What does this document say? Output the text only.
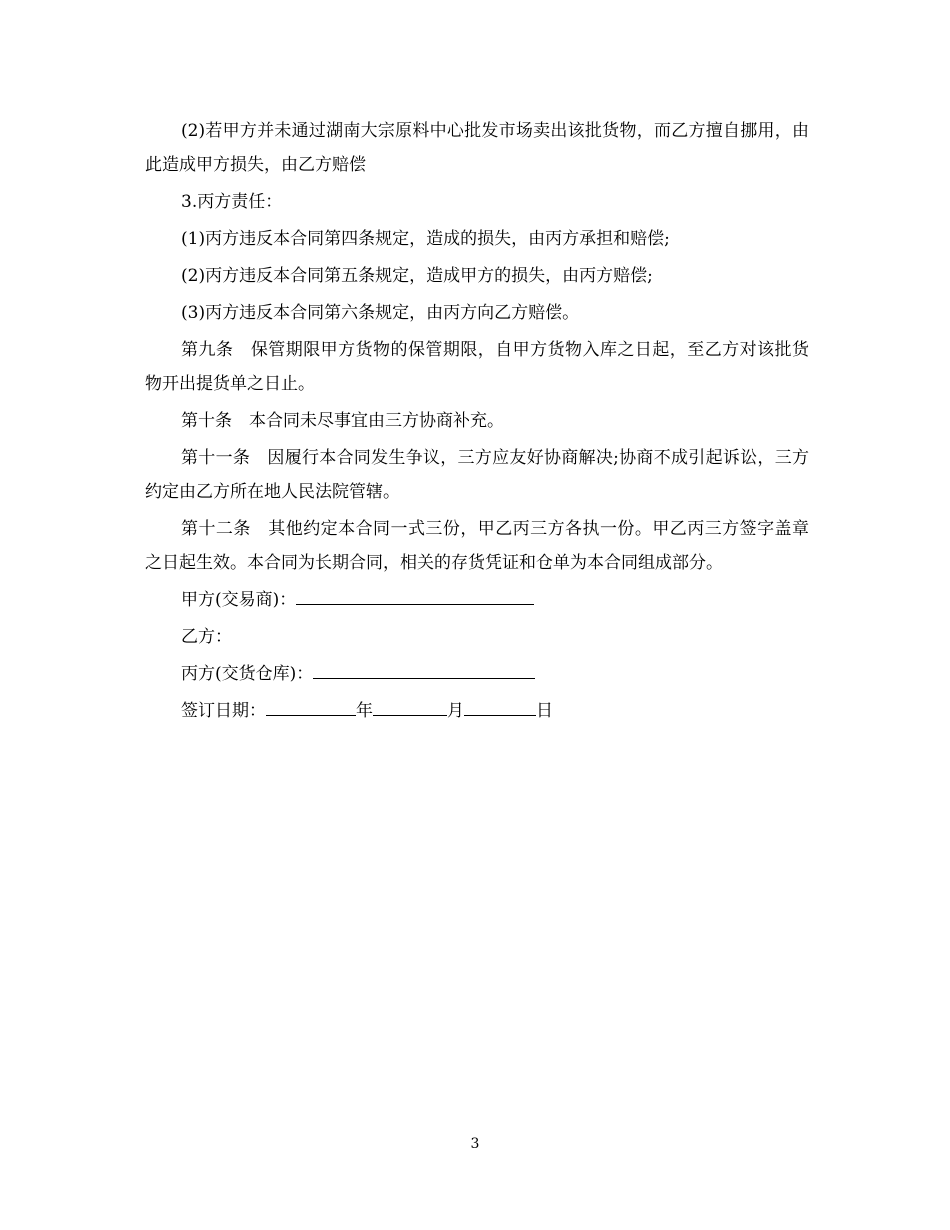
(2)若甲方并未通过湖南大宗原料中心批发市场卖出该批货物，而乙方擅自挪用，由此造成甲方损失，由乙方赔偿

3.丙方责任：

(1)丙方违反本合同第四条规定，造成的损失，由丙方承担和赔偿;

(2)丙方违反本合同第五条规定，造成甲方的损失，由丙方赔偿;

(3)丙方违反本合同第六条规定，由丙方向乙方赔偿。

第九条　保管期限甲方货物的保管期限，自甲方货物入库之日起，至乙方对该批货物开出提货单之日止。

第十条　本合同未尽事宜由三方协商补充。

第十一条　因履行本合同发生争议，三方应友好协商解决;协商不成引起诉讼，三方约定由乙方所在地人民法院管辖。

第十二条　其他约定本合同一式三份，甲乙丙三方各执一份。甲乙丙三方签字盖章之日起生效。本合同为长期合同，相关的存货凭证和仓单为本合同组成部分。

甲方(交易商)：

乙方：

丙方(交货仓库)：

签订日期：	年	月	日

3
